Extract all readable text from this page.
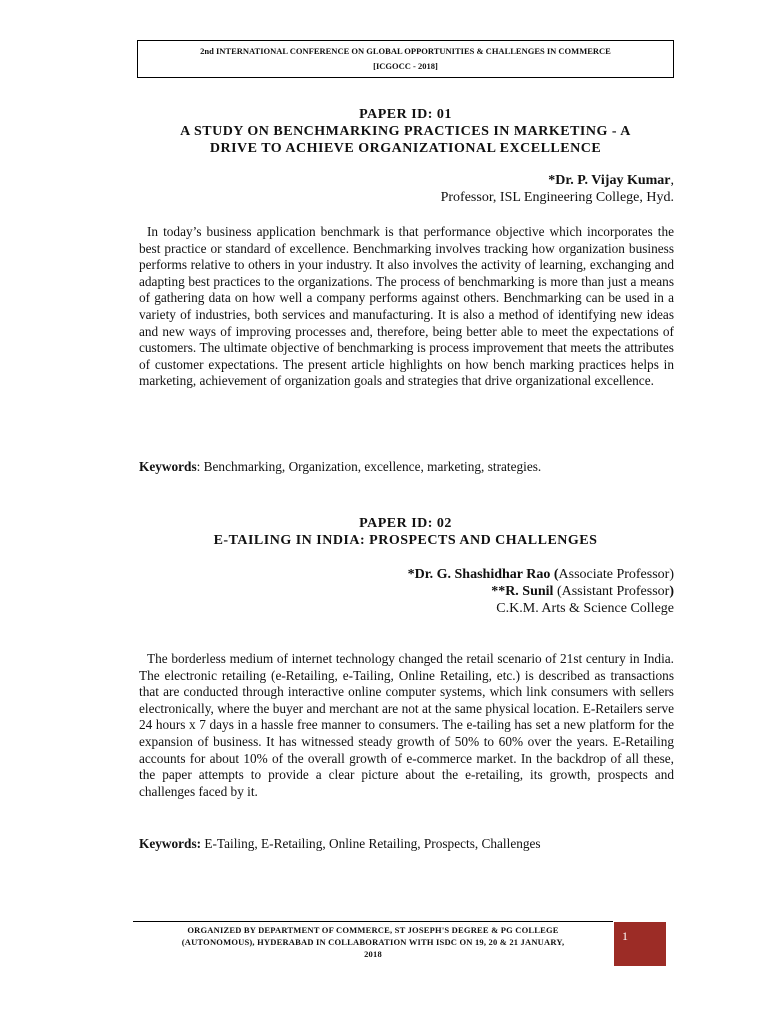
2nd INTERNATIONAL CONFERENCE ON GLOBAL OPPORTUNITIES & CHALLENGES IN COMMERCE
[ICGOCC - 2018]
PAPER ID: 01
A STUDY ON BENCHMARKING PRACTICES IN MARKETING - A
DRIVE TO ACHIEVE ORGANIZATIONAL EXCELLENCE
*Dr. P. Vijay Kumar,
Professor, ISL Engineering College, Hyd.
In today’s business application benchmark is that performance objective which incorporates the best practice or standard of excellence. Benchmarking involves tracking how organization business performs relative to others in your industry. It also involves the activity of learning, exchanging and adapting best practices to the organizations. The process of benchmarking is more than just a means of gathering data on how well a company performs against others. Benchmarking can be used in a variety of industries, both services and manufacturing. It is also a method of identifying new ideas and new ways of improving processes and, therefore, being better able to meet the expectations of customers. The ultimate objective of benchmarking is process improvement that meets the attributes of customer expectations. The present article highlights on how bench marking practices helps in marketing, achievement of organization goals and strategies that drive organizational excellence.
Keywords: Benchmarking, Organization, excellence, marketing, strategies.
PAPER ID: 02
E-TAILING IN INDIA: PROSPECTS AND CHALLENGES
*Dr. G. Shashidhar Rao (Associate Professor)
**R. Sunil (Assistant Professor)
C.K.M. Arts & Science College
The borderless medium of internet technology changed the retail scenario of 21st century in India. The electronic retailing (e-Retailing, e-Tailing, Online Retailing, etc.) is described as transactions that are conducted through interactive online computer systems, which link consumers with sellers electronically, where the buyer and merchant are not at the same physical location. E-Retailers serve 24 hours x 7 days in a hassle free manner to consumers. The e-tailing has set a new platform for the expansion of business. It has witnessed steady growth of 50% to 60% over the years. E-Retailing accounts for about 10% of the overall growth of e-commerce market. In the backdrop of all these, the paper attempts to provide a clear picture about the e-retailing, its growth, prospects and challenges faced by it.
Keywords: E-Tailing, E-Retailing, Online Retailing, Prospects, Challenges
ORGANIZED BY DEPARTMENT OF COMMERCE, ST JOSEPH'S DEGREE & PG COLLEGE
(AUTONOMOUS), HYDERABAD IN COLLABORATION WITH ISDC ON 19, 20 & 21 JANUARY,
2018
1
